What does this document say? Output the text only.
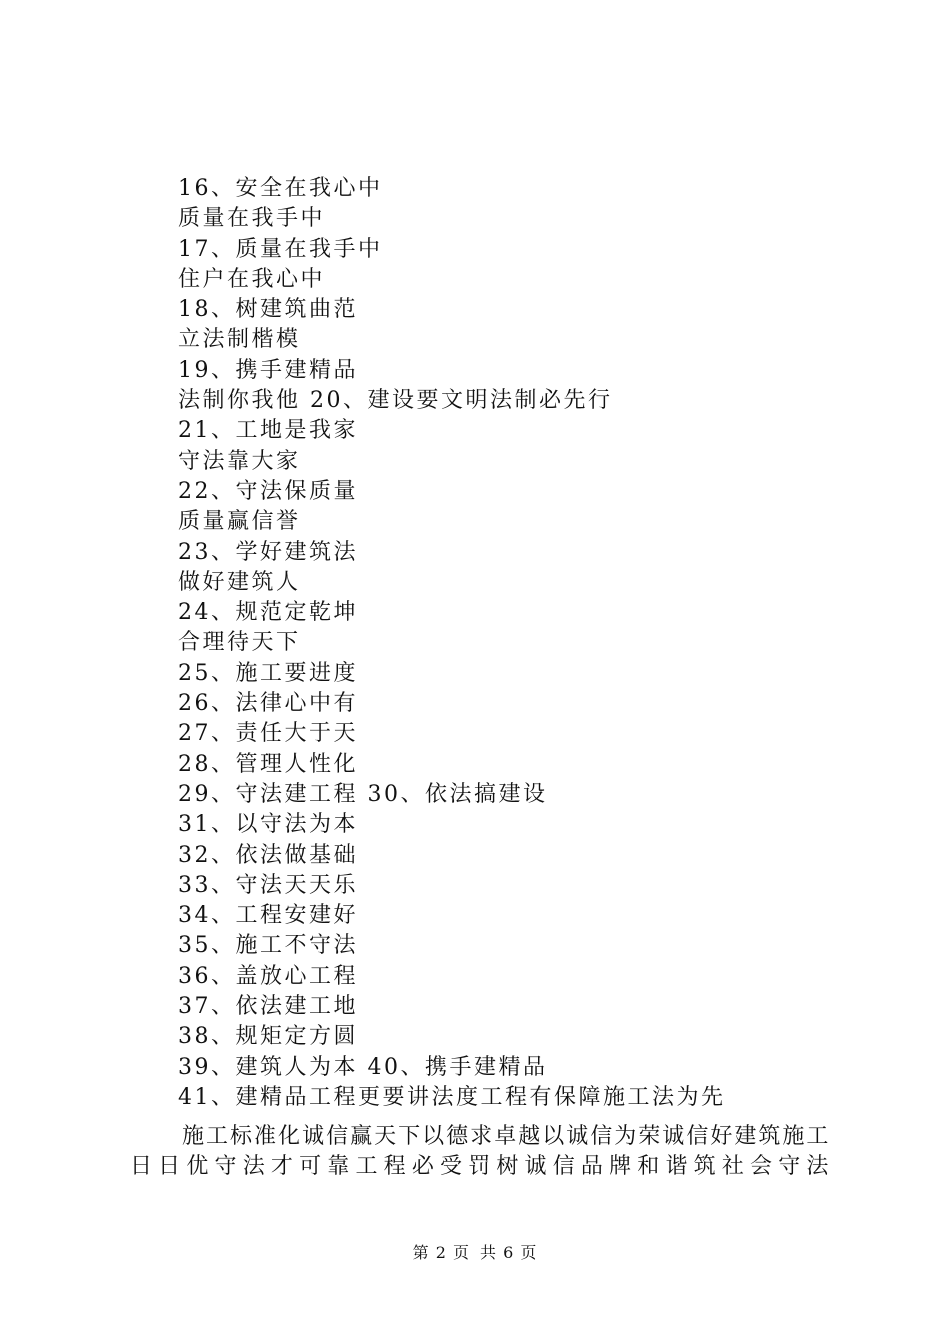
16、安全在我心中
质量在我手中
17、质量在我手中
住户在我心中
18、树建筑曲范
立法制楷模
19、携手建精品
法制你我他 20、建设要文明法制必先行
21、工地是我家
守法靠大家
22、守法保质量
质量赢信誉
23、学好建筑法
做好建筑人
24、规范定乾坤
合理待天下
25、施工要进度
26、法律心中有
27、责任大于天
28、管理人性化
29、守法建工程 30、依法搞建设
31、以守法为本
32、依法做基础
33、守法天天乐
34、工程安建好
35、施工不守法
36、盖放心工程
37、依法建工地
38、规矩定方圆
39、建筑人为本 40、携手建精品
41、建精品工程更要讲法度工程有保障施工法为先
施工标准化诚信赢天下以德求卓越以诚信为荣诚信好建筑施工日日优守法才可靠工程必受罚树诚信品牌和谐筑社会守法
第 2 页 共 6 页
